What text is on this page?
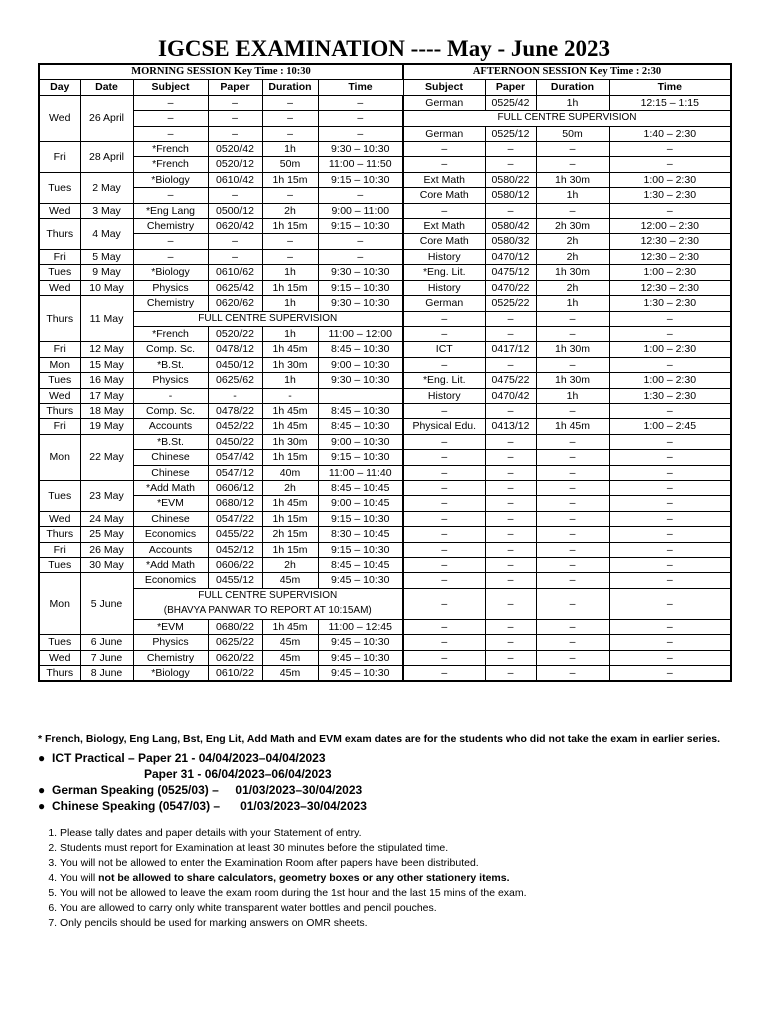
IGCSE EXAMINATION ---- May - June 2023
MORNING SESSION Key Time : 10:30						AFTERNOON SESSION Key Time : 2:30			
Day	Date	Subject	Paper	Duration	Time	Subject	Paper	Duration	Time
Wed	26 April	–	–	–	–	German	0525/42	1h	12:15 – 1:15
		–	–	–	–	FULL CENTRE SUPERVISION			
		–	–	–	–	German	0525/12	50m	1:40 – 2:30
Fri	28 April	*French	0520/42	1h	9:30 – 10:30	–	–	–	–
		*French	0520/12	50m	11:00 – 11:50	–	–	–	–
Tues	2 May	*Biology	0610/42	1h 15m	9:15 – 10:30	Ext Math	0580/22	1h 30m	1:00 – 2:30
		–	–	–	–	Core Math	0580/12	1h	1:30 – 2:30
Wed	3 May	*Eng Lang	0500/12	2h	9:00 – 11:00	–	–	–	–
Thurs	4 May	Chemistry	0620/42	1h 15m	9:15 – 10:30	Ext Math	0580/42	2h 30m	12:00 – 2:30
		–	–	–	–	Core Math	0580/32	2h	12:30 – 2:30
Fri	5 May	–	–	–	–	History	0470/12	2h	12:30 – 2:30
Tues	9 May	*Biology	0610/62	1h	9:30 – 10:30	*Eng. Lit.	0475/12	1h 30m	1:00 – 2:30
Wed	10 May	Physics	0625/42	1h 15m	9:15 – 10:30	History	0470/22	2h	12:30 – 2:30
Thurs	11 May	Chemistry	0620/62	1h	9:30 – 10:30	German	0525/22	1h	1:30 – 2:30

		FULL CENTRE SUPERVISION				–	–	–	–
		*French	0520/22	1h	11:00 – 12:00	–	–	–	–
Fri	12 May	Comp. Sc.	0478/12	1h 45m	8:45 – 10:30	ICT	0417/12	1h 30m	1:00 – 2:30
Mon	15 May	*B.St.	0450/12	1h 30m	9:00 – 10:30	–	–	–	–
Tues	16 May	Physics	0625/62	1h	9:30 – 10:30	*Eng. Lit.	0475/22	1h 30m	1:00 – 2:30
Wed	17 May	-	-	-		History	0470/42	1h	1:30 – 2:30
Thurs	18 May	Comp. Sc.	0478/22	1h 45m	8:45 – 10:30	–	–	–	–
Fri	19 May	Accounts	0452/22	1h 45m	8:45 – 10:30	Physical Edu.	0413/12	1h 45m	1:00 – 2:45
Mon	22 May	*B.St.	0450/22	1h 30m	9:00 – 10:30	–	–	–	–
		Chinese	0547/42	1h 15m	9:15 – 10:30	–	–	–	–
		Chinese	0547/12	40m	11:00 – 11:40	–	–	–	–
Tues	23 May	*Add Math	0606/12	2h	8:45 – 10:45	–	–	–	–
		*EVM	0680/12	1h 45m	9:00 – 10:45	–	–	–	–
Wed	24 May	Chinese	0547/22	1h 15m	9:15 – 10:30	–	–	–	–
Thurs	25 May	Economics	0455/22	2h 15m	8:30 – 10:45	–	–	–	–
Fri	26 May	Accounts	0452/12	1h 15m	9:15 – 10:30	–	–	–	–
Tues	30 May	*Add Math	0606/22	2h	8:45 – 10:45	–	–	–	–
Mon	5 June	Economics	0455/12	45m	9:45 – 10:30	–	–	–	–

		FULL CENTRE SUPERVISION
(BHAVYA PANWAR TO REPORT AT 10:15AM)				–	–	–	–
		*EVM	0680/22	1h 45m	11:00 – 12:45	–	–	–	–
Tues	6 June	Physics	0625/22	45m	9:45 – 10:30	–	–	–	–
Wed	7 June	Chemistry	0620/22	45m	9:45 – 10:30	–	–	–	–
Thurs	8 June	*Biology	0610/22	45m	9:45 – 10:30	–	–	–	–

* French, Biology, Eng Lang, Bst, Eng Lit, Add Math and EVM exam dates are for the students who did not take the exam in earlier series.

● ICT Practical – Paper 21 - 04/04/2023–04/04/2023

Paper 31 - 06/04/2023–06/04/2023

● German Speaking (0525/03) –     01/03/2023–30/04/2023

● Chinese Speaking (0547/03) –      01/03/2023–30/04/2023

1. Please tally dates and paper details with your Statement of entry.
2. Students must report for Examination at least 30 minutes before the stipulated time.
3. You will not be allowed to enter the Examination Room after papers have been distributed.
4. You will not be allowed to share calculators, geometry boxes or any other stationery items.
5. You will not be allowed to leave the exam room during the 1st hour and the last 15 mins of the exam.
6. You are allowed to carry only white transparent water bottles and pencil pouches.
7. Only pencils should be used for marking answers on OMR sheets.
